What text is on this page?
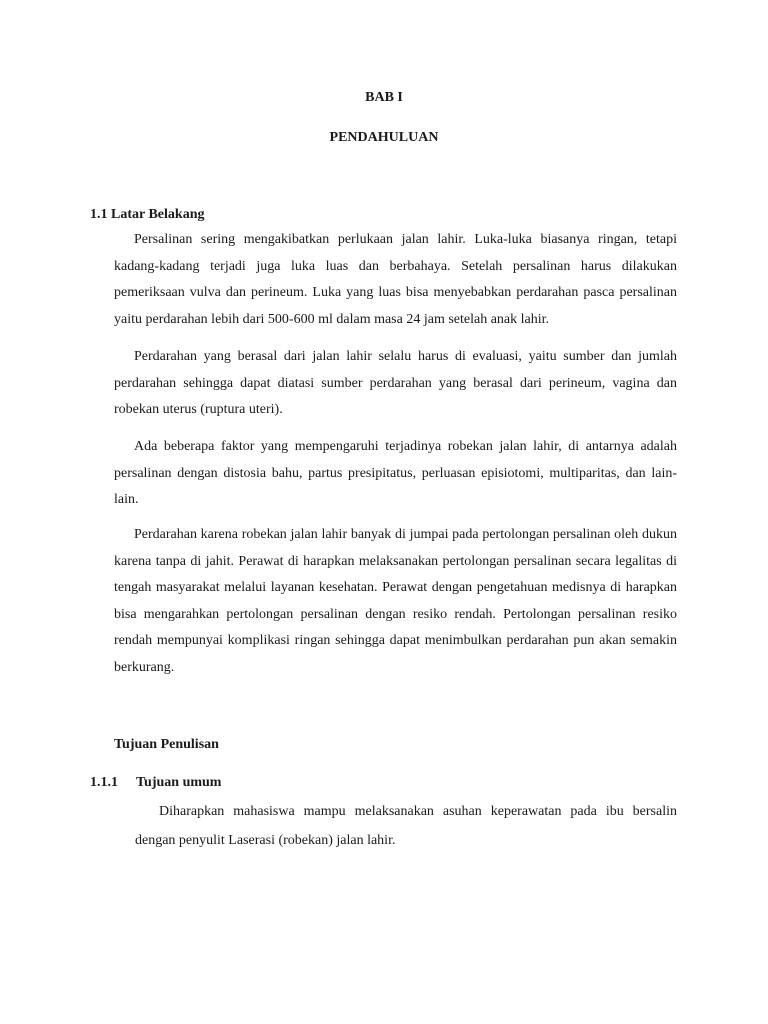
BAB I
PENDAHULUAN
1.1 Latar Belakang

Persalinan sering mengakibatkan perlukaan jalan lahir. Luka-luka biasanya ringan, tetapi kadang-kadang terjadi juga luka luas dan berbahaya. Setelah persalinan harus dilakukan pemeriksaan vulva dan perineum. Luka yang luas bisa menyebabkan perdarahan pasca persalinan yaitu perdarahan lebih dari 500-600 ml dalam masa 24 jam setelah anak lahir.

Perdarahan yang berasal dari jalan lahir selalu harus di evaluasi, yaitu sumber dan jumlah perdarahan sehingga dapat diatasi sumber perdarahan yang berasal dari perineum, vagina dan robekan uterus (ruptura uteri).

Ada beberapa faktor yang mempengaruhi terjadinya robekan jalan lahir, di antarnya adalah persalinan dengan distosia bahu, partus presipitatus, perluasan episiotomi, multiparitas, dan lain-lain.

Perdarahan karena robekan jalan lahir banyak di jumpai pada pertolongan persalinan oleh dukun karena tanpa di jahit. Perawat di harapkan melaksanakan pertolongan persalinan secara legalitas di tengah masyarakat melalui layanan kesehatan. Perawat dengan pengetahuan medisnya di harapkan bisa mengarahkan pertolongan persalinan dengan resiko rendah. Pertolongan persalinan resiko rendah mempunyai komplikasi ringan sehingga dapat menimbulkan perdarahan pun akan semakin berkurang.

Tujuan Penulisan
1.1.1 Tujuan umum

Diharapkan mahasiswa mampu melaksanakan asuhan keperawatan pada ibu bersalin dengan penyulit Laserasi (robekan) jalan lahir.
